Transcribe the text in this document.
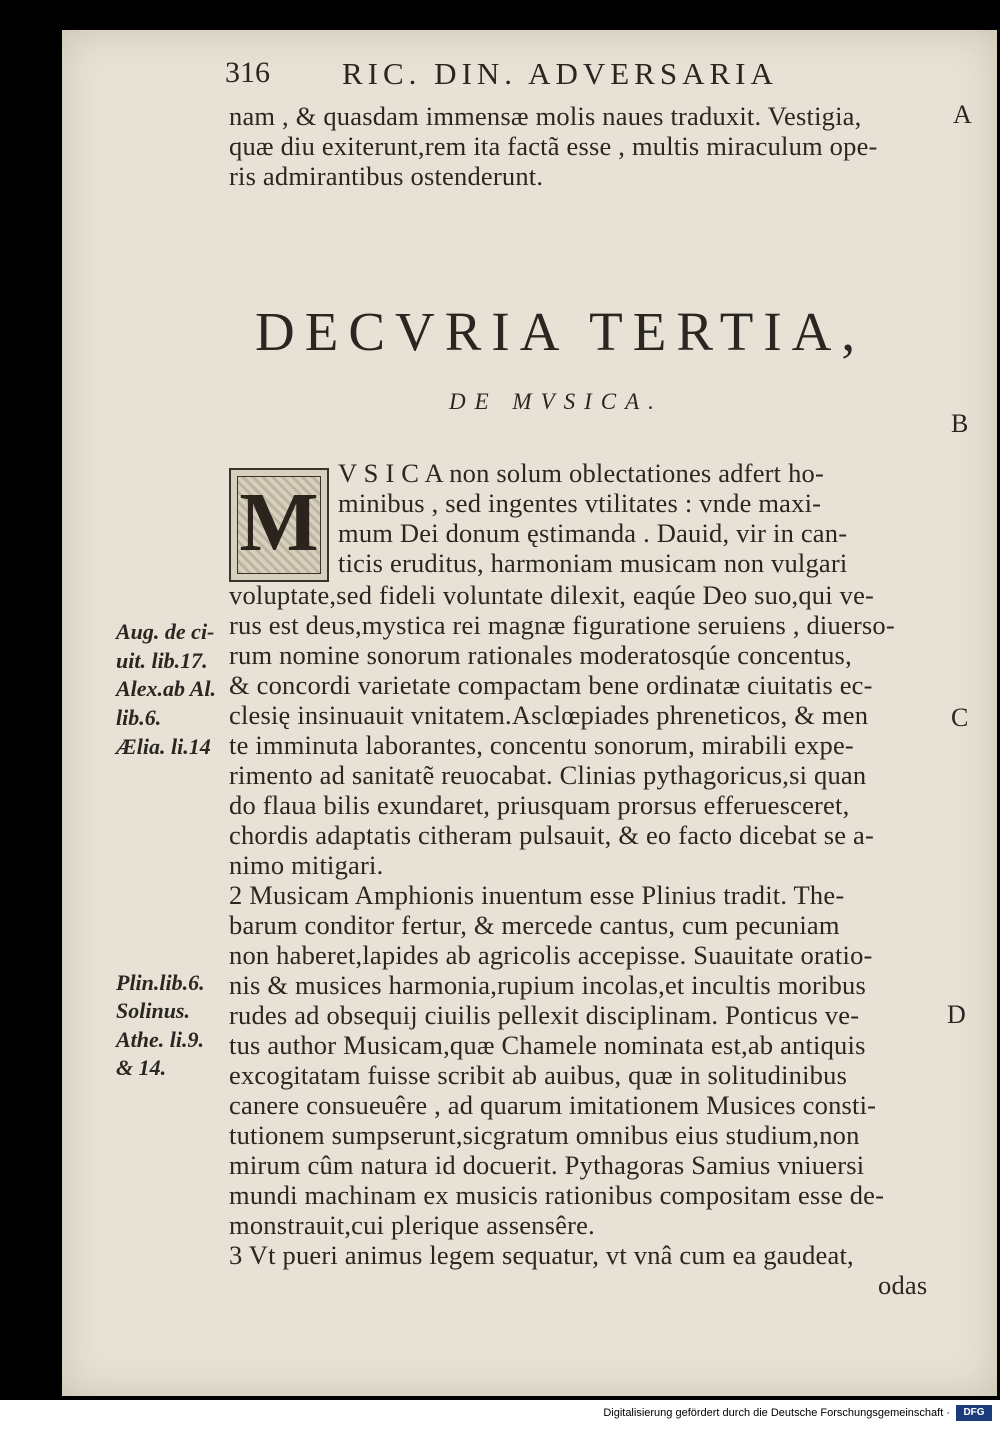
316 RIC. DIN. ADVERSARIA
nam , & quasdam immensæ molis naues traduxit. Vestigia,
quæ diu exiterunt,rem ita factã esse , multis miraculum ope-
ris admirantibus ostenderunt.
A
B
C
D
DECVRIA TERTIA,
DE MVSICA.
M
V S I C A non solum oblectationes adfert ho-
minibus , sed ingentes vtilitates : vnde maxi-
mum Dei donum ęstimanda . Dauid, vir in can-
ticis eruditus, harmoniam musicam non vulgari
voluptate,sed fideli voluntate dilexit, eaqúe Deo suo,qui ve-
rus est deus,mystica rei magnæ figuratione seruiens , diuerso-
rum nomine sonorum rationales moderatosqúe concentus,
& concordi varietate compactam bene ordinatæ ciuitatis ec-
clesię insinuauit vnitatem.Asclœpiades phreneticos, & men
te imminuta laborantes, concentu sonorum, mirabili expe-
rimento ad sanitatẽ reuocabat. Clinias pythagoricus,si quan
do flaua bilis exundaret, priusquam prorsus efferuesceret,
chordis adaptatis citheram pulsauit, & eo facto dicebat se a-
nimo mitigari.
2 Musicam Amphionis inuentum esse Plinius tradit. The-
barum conditor fertur, & mercede cantus, cum pecuniam
non haberet,lapides ab agricolis accepisse. Suauitate oratio-
nis & musices harmonia,rupium incolas,et incultis moribus
rudes ad obsequij ciuilis pellexit disciplinam. Ponticus ve-
tus author Musicam,quæ Chamele nominata est,ab antiquis
excogitatam fuisse scribit ab auibus, quæ in solitudinibus
canere consueuêre , ad quarum imitationem Musices consti-
tutionem sumpserunt,sicgratum omnibus eius studium,non
mirum cûm natura id docuerit. Pythagoras Samius vniuersi
mundi machinam ex musicis rationibus compositam esse de-
monstrauit,cui plerique assensêre.
3 Vt pueri animus legem sequatur, vt vnâ cum ea gaudeat,
odas
Aug. de ci-
uit. lib.17.
Alex.ab Al.
lib.6.
Ælia. li.14
Plin.lib.6.
Solinus.
Athe. li.9.
& 14.
Digitalisierung gefördert durch die Deutsche Forschungsgemeinschaft ·	DFG
